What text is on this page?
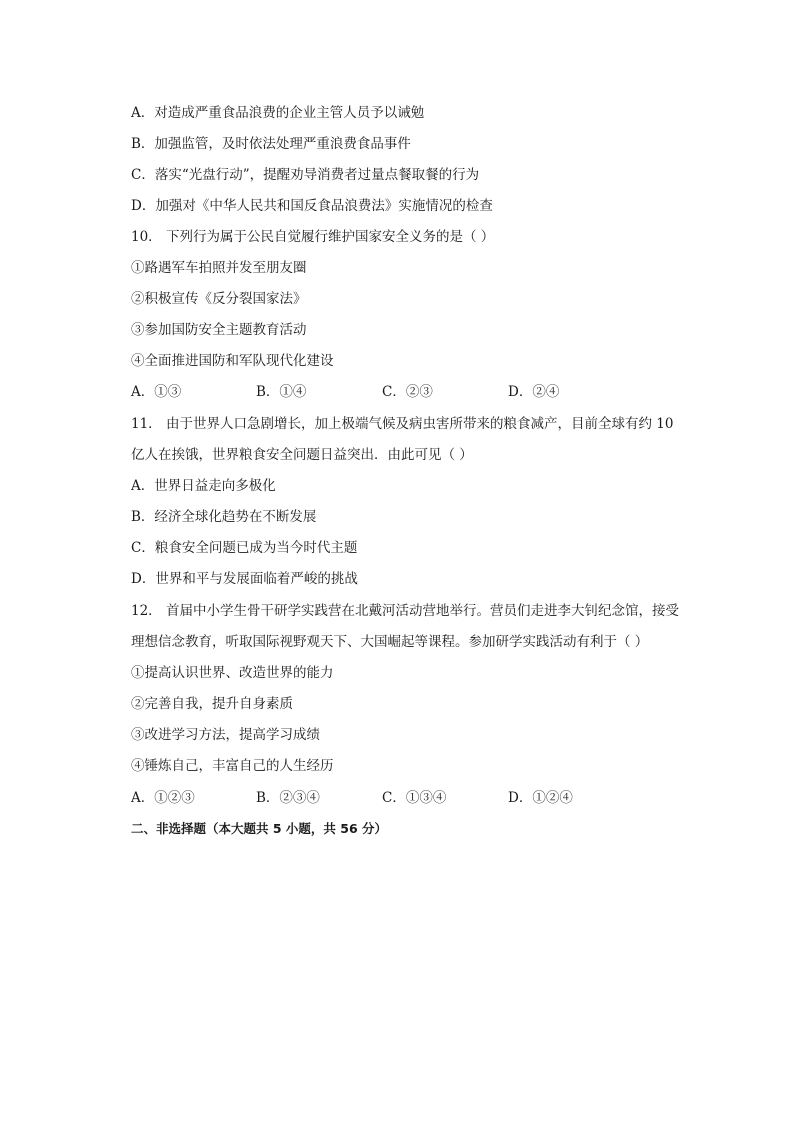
A．对造成严重食品浪费的企业主管人员予以诫勉
B．加强监管，及时依法处理严重浪费食品事件
C．落实“光盘行动”，提醒劝导消费者过量点餐取餐的行为
D．加强对《中华人民共和国反食品浪费法》实施情况的检查
10． 下列行为属于公民自觉履行维护国家安全义务的是（ ）
①路遇军车拍照并发至朋友圈
②积极宣传《反分裂国家法》
③参加国防安全主题教育活动
④全面推进国防和军队现代化建设
A．①③	B．①④	C．②③	D．②④
11． 由于世界人口急剧增长，加上极端气候及病虫害所带来的粮食减产，目前全球有约 10
亿人在挨饿，世界粮食安全问题日益突出．由此可见（ ）
A．世界日益走向多极化
B．经济全球化趋势在不断发展
C．粮食安全问题已成为当今时代主题
D．世界和平与发展面临着严峻的挑战
12． 首届中小学生骨干研学实践营在北戴河活动营地举行。营员们走进李大钊纪念馆，接受
理想信念教育，听取国际视野观天下、大国崛起等课程。参加研学实践活动有利于（ ）
①提高认识世界、改造世界的能力
②完善自我，提升自身素质
③改进学习方法，提高学习成绩
④锤炼自己，丰富自己的人生经历
A．①②③	B．②③④	C．①③④	D．①②④
二、非选择题（本大题共 5 小题，共 56 分）
